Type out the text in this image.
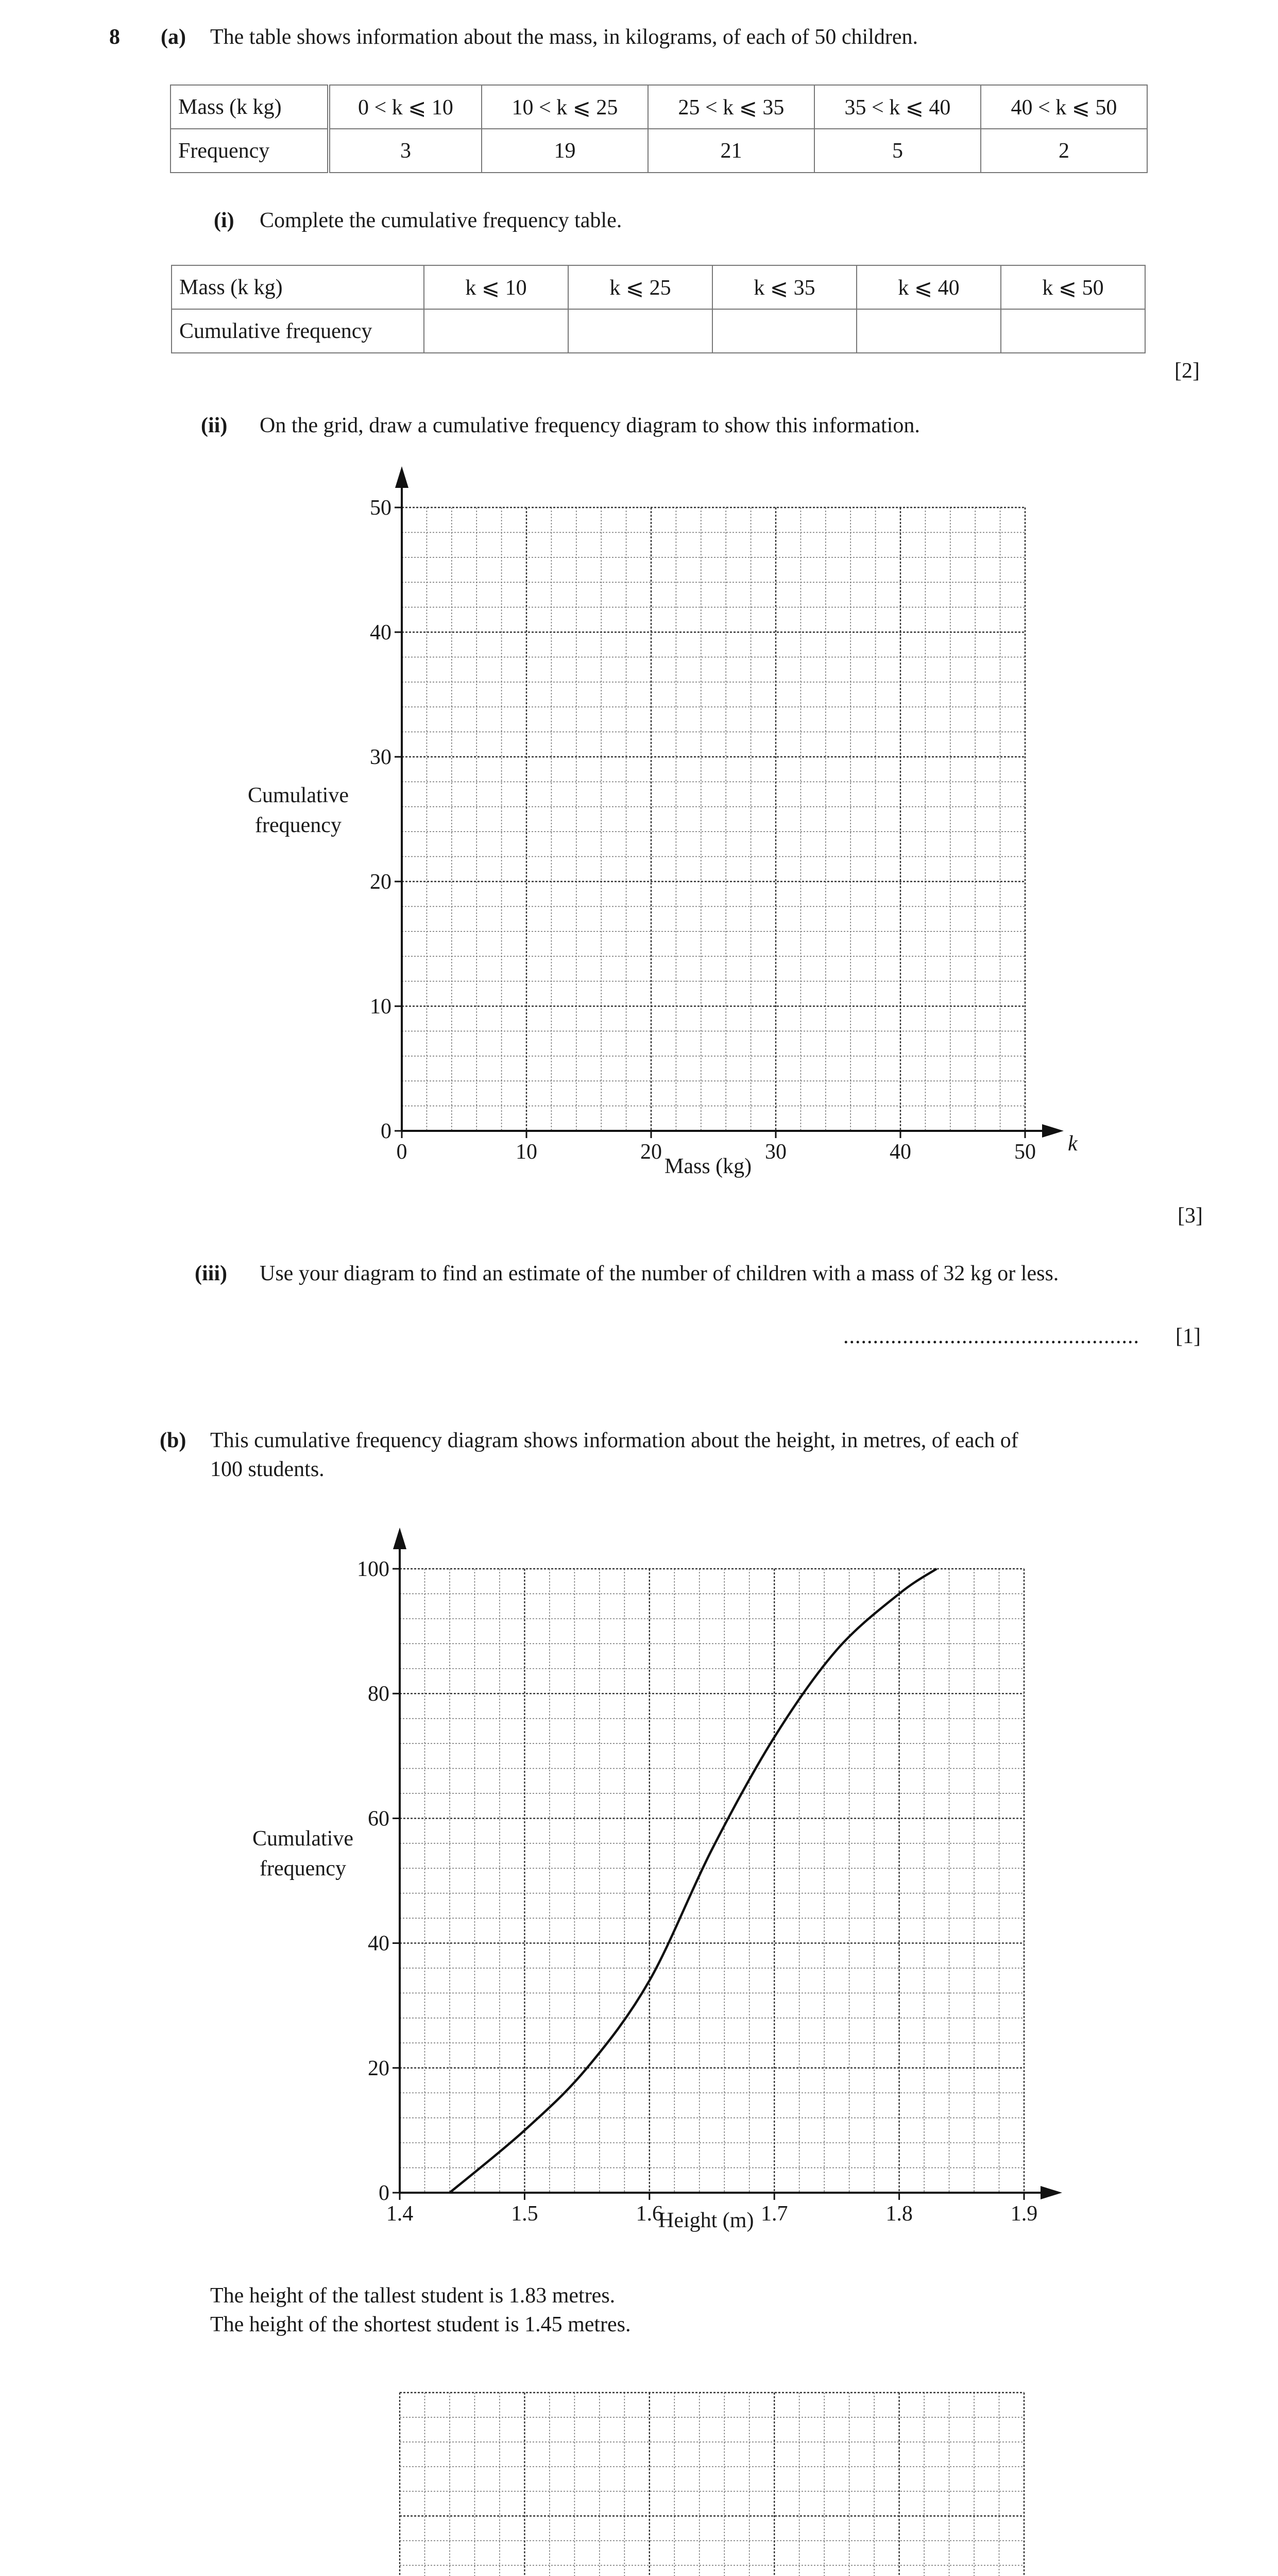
8 (a) The table shows information about the mass, in kilograms, of each of 50 children.
Mass (k kg)	0 < k ⩽ 10	10 < k ⩽ 25	25 < k ⩽ 35	35 < k ⩽ 40	40 < k ⩽ 50
Frequency	3	19	21	5	2
(i) Complete the cumulative frequency table.
Mass (k kg)	k ⩽ 10	k ⩽ 25	k ⩽ 35	k ⩽ 40	k ⩽ 50
Cumulative frequency					
[2]
(ii) On the grid, draw a cumulative frequency diagram to show this information.
Cumulative frequency
Mass (kg)
[3]
(iii) Use your diagram to find an estimate of the number of children with a mass of 32 kg or less.
.................................................. [1]
(b) This cumulative frequency diagram shows information about the height, in metres, of each of
100 students.
Cumulative frequency
Height (m)
The height of the tallest student is 1.83 metres.
The height of the shortest student is 1.45 metres.
0	10	20	30	40	50
0
10
20
30
40
50
k
1.4	1.5	1.6	1.7	1.8	1.9
0
20
40
60
80
100
